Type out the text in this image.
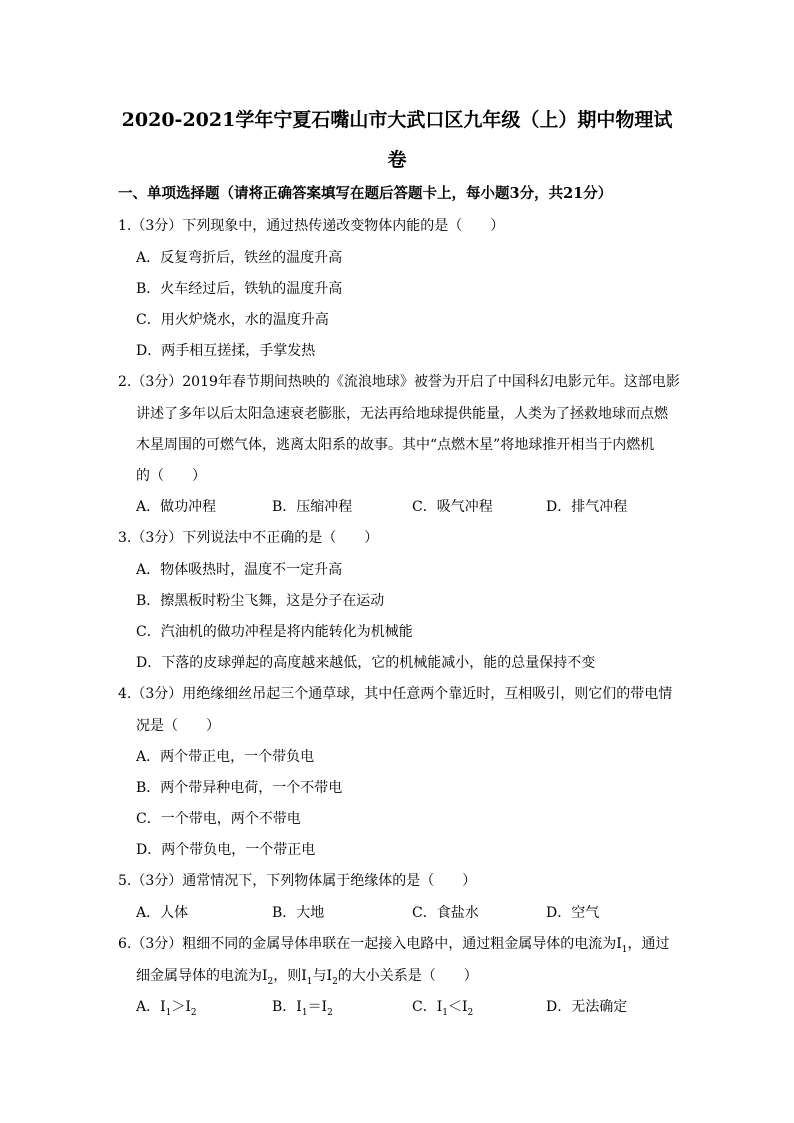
2020-2021学年宁夏石嘴山市大武口区九年级（上）期中物理试
卷
一、单项选择题（请将正确答案填写在题后答题卡上，每小题3分，共21分）
1.（3分）下列现象中，通过热传递改变物体内能的是（　　）
A．反复弯折后，铁丝的温度升高
B．火车经过后，铁轨的温度升高
C．用火炉烧水，水的温度升高
D．两手相互搓揉，手掌发热
2.（3分）2019年春节期间热映的《流浪地球》被誉为开启了中国科幻电影元年。这部电影
讲述了多年以后太阳急速衰老膨胀，无法再给地球提供能量，人类为了拯救地球而点燃
木星周围的可燃气体，逃离太阳系的故事。其中“点燃木星”将地球推开相当于内燃机
的（　　）
A．做功冲程	B．压缩冲程	C．吸气冲程	D．排气冲程
3.（3分）下列说法中不正确的是（　　）
A．物体吸热时，温度不一定升高
B．擦黑板时粉尘飞舞，这是分子在运动
C．汽油机的做功冲程是将内能转化为机械能
D．下落的皮球弹起的高度越来越低，它的机械能减小，能的总量保持不变
4.（3分）用绝缘细丝吊起三个通草球，其中任意两个靠近时，互相吸引，则它们的带电情
况是（　　）
A．两个带正电，一个带负电
B．两个带异种电荷，一个不带电
C．一个带电，两个不带电
D．两个带负电，一个带正电
5.（3分）通常情况下，下列物体属于绝缘体的是（　　）
A．人体	B．大地	C．食盐水	D．空气
6.（3分）粗细不同的金属导体串联在一起接入电路中，通过粗金属导体的电流为$I_1$，通过
细金属导体的电流为$I_2$，则$I_1$与$I_2$的大小关系是（　　）
A．$I_1>I_2$	B．$I_1=I_2$	C．$I_1<I_2$	D．无法确定
